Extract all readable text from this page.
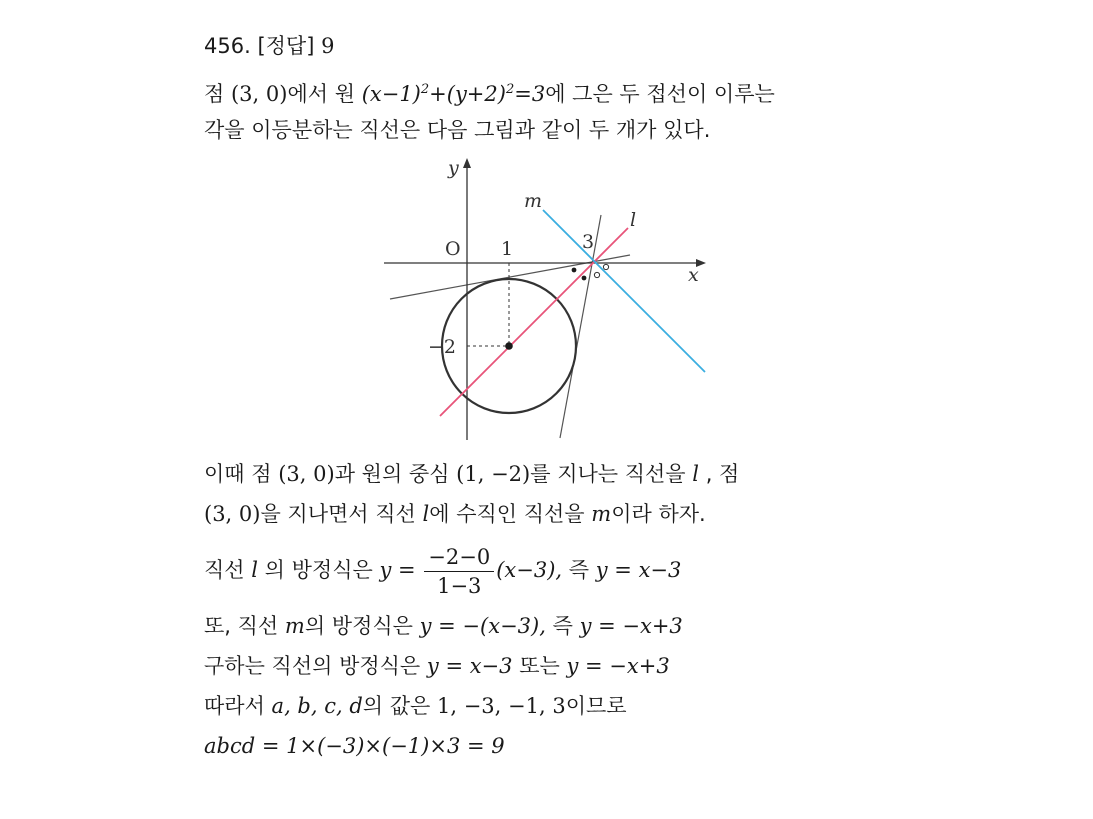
456. [정답] 9
점 (3, 0)에서 원 $(x-1)^2+(y+2)^2=3$에 그은 두 접선이 이루는
각을 이등분하는 직선은 다음 그림과 같이 두 개가 있다.
y
x
O 1	3
−2
m
l
이때 점 (3, 0)과 원의 중심 (1, −2)를 지나는 직선을 l , 점
(3, 0)을 지나면서 직선 l에 수직인 직선을 m이라 하자.
직선 l 의 방정식은 $y = \frac{-2-0}{1-3} (x-3)$, 즉 y = x−3
또, 직선 m의 방정식은 y = −(x−3), 즉 y = −x+3
구하는 직선의 방정식은 y = x−3 또는 y = −x+3
따라서 a, b, c, d의 값은 1, −3, −1, 3이므로
abcd = 1×(−3)×(−1)×3 = 9
